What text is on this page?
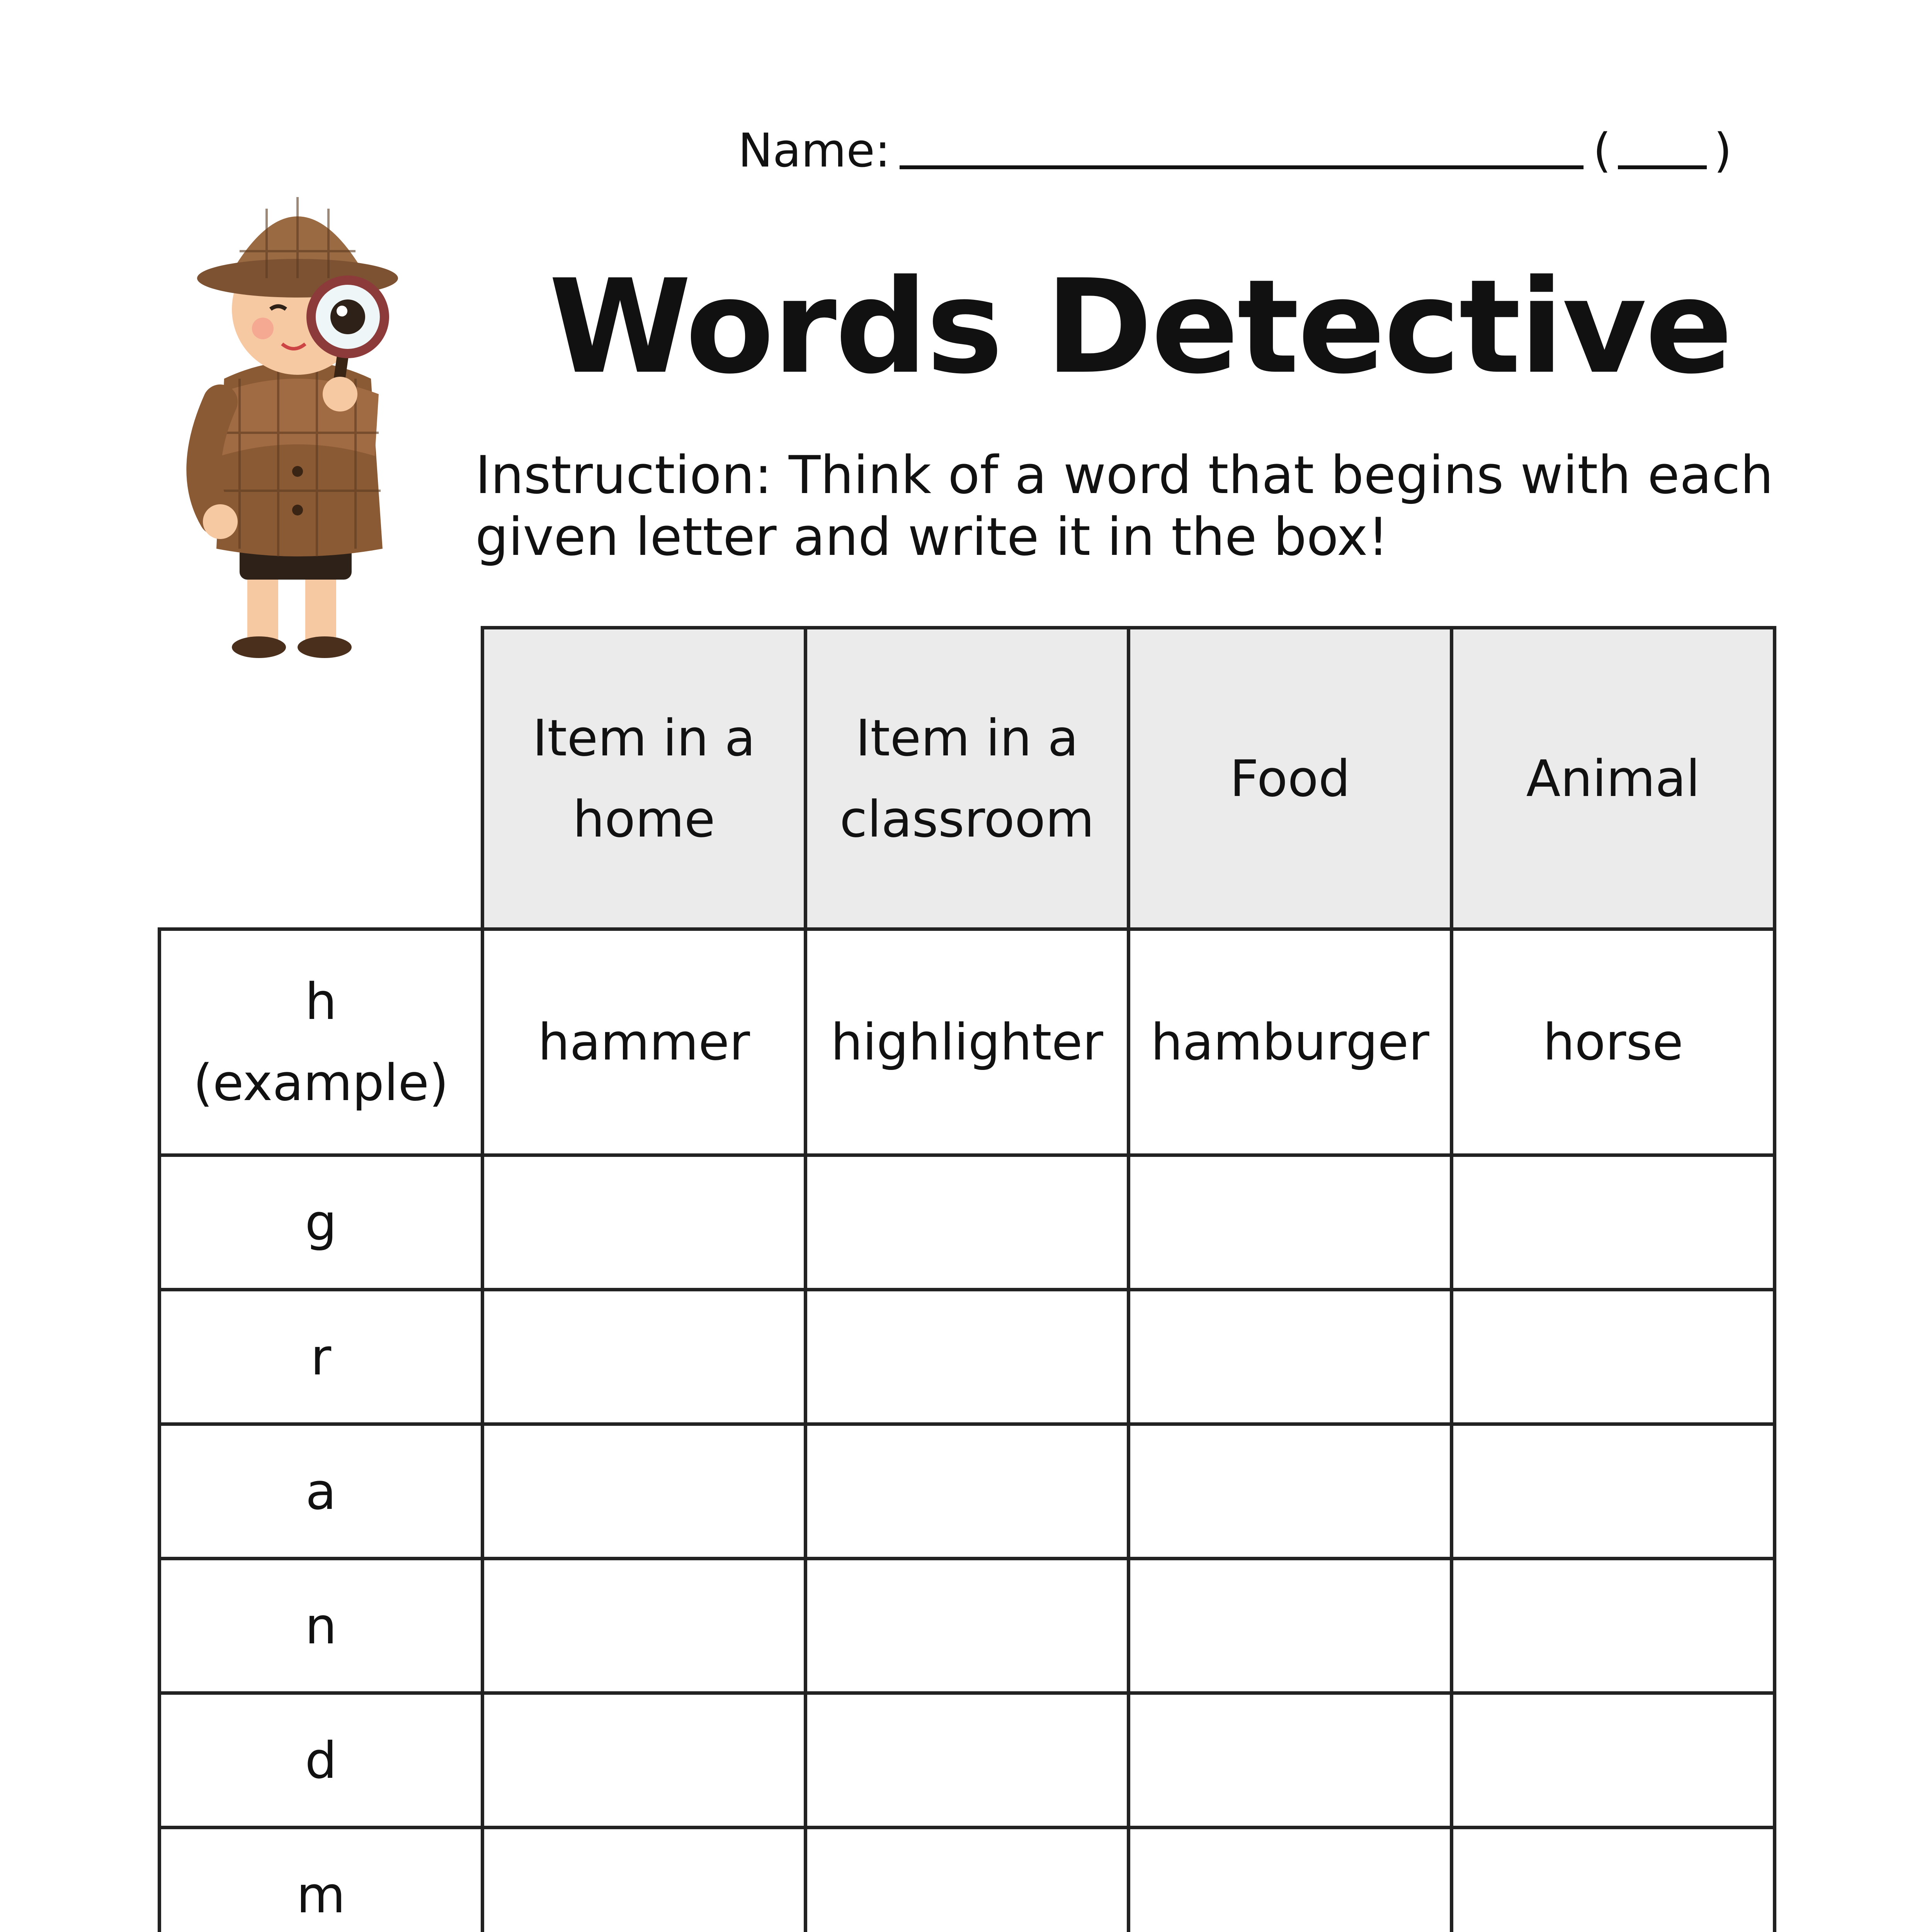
Name:	( )
Words Detective
Instruction: Think of a word that begins with each given letter and write it in the box!
	Item in a home	Item in a classroom	Food	Animal

h
(example)	hammer	highlighter	hamburger	horse
g				
r				
a				
n				
d				
m				
